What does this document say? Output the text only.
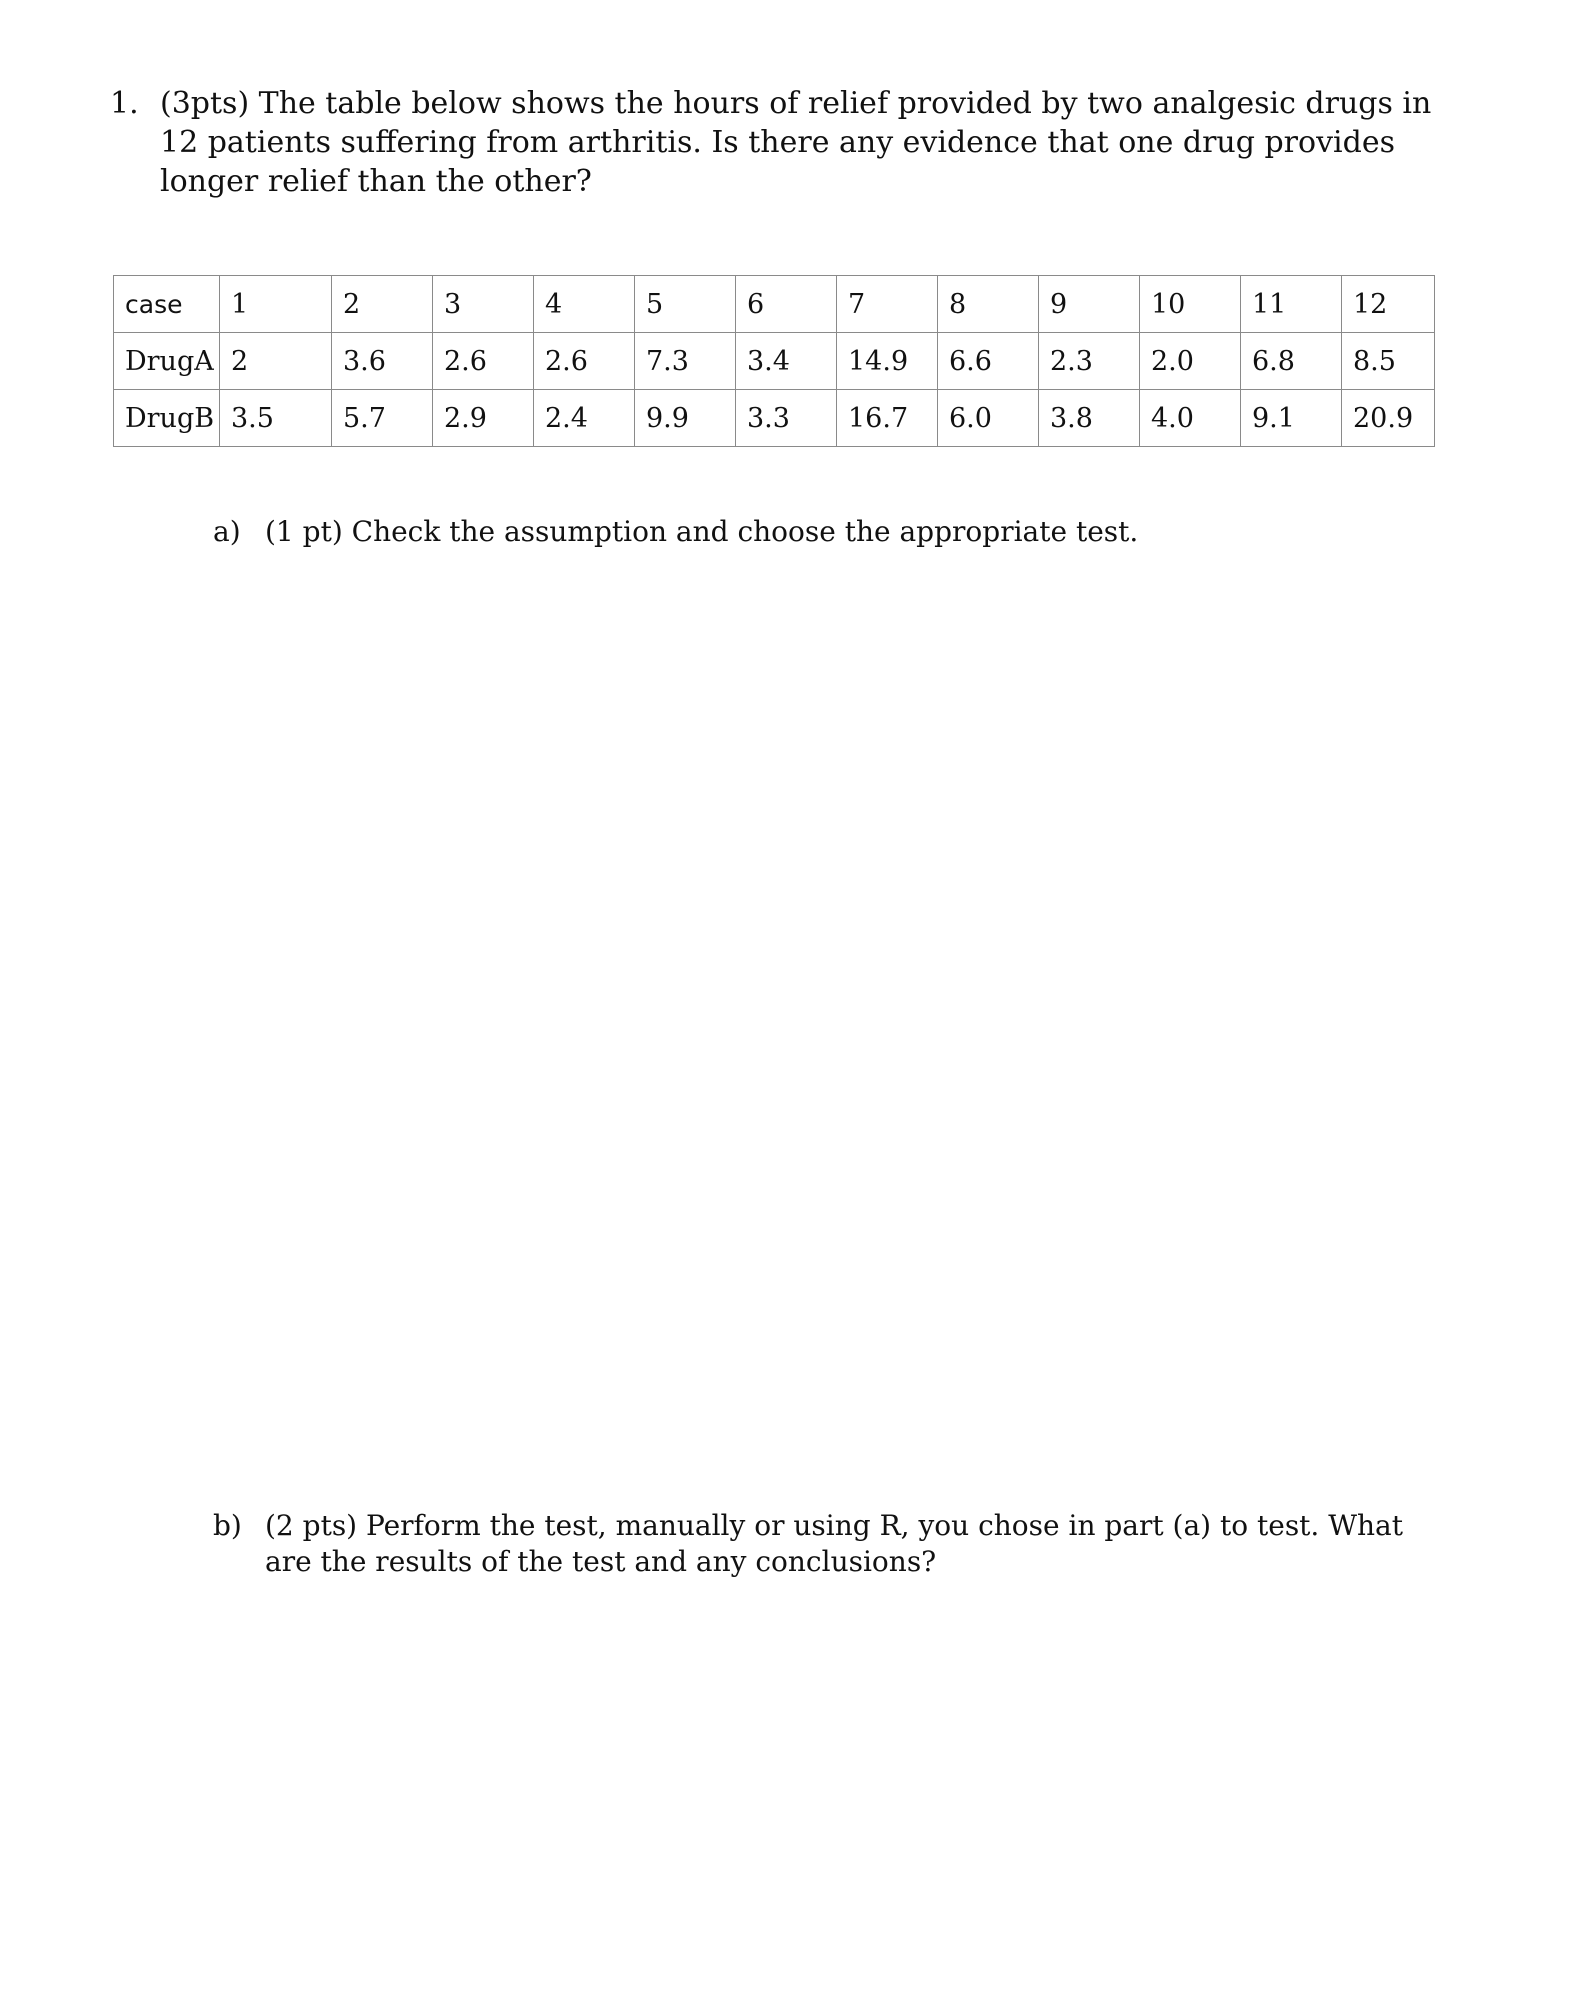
1. (3pts) The table below shows the hours of relief provided by two analgesic drugs in 12 patients suffering from arthritis. Is there any evidence that one drug provides longer relief than the other?
case	1	2	3	4	5	6	7	8	9	10	11	12
DrugA	2	3.6	2.6	2.6	7.3	3.4	14.9	6.6	2.3	2.0	6.8	8.5
DrugB	3.5	5.7	2.9	2.4	9.9	3.3	16.7	6.0	3.8	4.0	9.1	20.9
a) (1 pt) Check the assumption and choose the appropriate test.
b) (2 pts) Perform the test, manually or using R, you chose in part (a) to test. What are the results of the test and any conclusions?
